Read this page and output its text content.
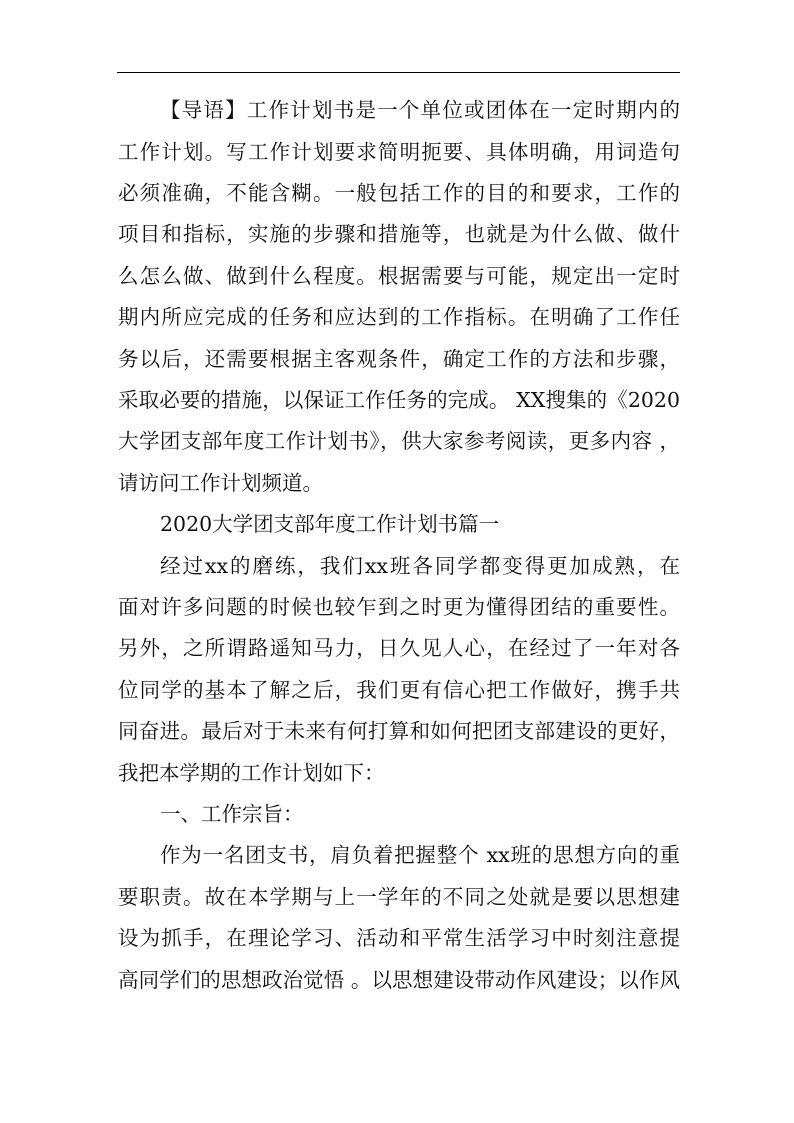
【导语】工作计划书是一个单位或团体在一定时期内的
工作计划。写工作计划要求简明扼要、具体明确，用词造句
必须准确，不能含糊。一般包括工作的目的和要求，工作的
项目和指标，实施的步骤和措施等，也就是为什么做、做什
么怎么做、做到什么程度。根据需要与可能，规定出一定时
期内所应完成的任务和应达到的工作指标。在明确了工作任
务以后，还需要根据主客观条件，确定工作的方法和步骤，
采取必要的措施，以保证工作任务的完成。 XX搜集的《2020
大学团支部年度工作计划书》，供大家参考阅读，更多内容 ，
请访问工作计划频道。
2020大学团支部年度工作计划书篇一
经过xx的磨练，我们xx班各同学都变得更加成熟，在
面对许多问题的时候也较乍到之时更为懂得团结的重要性。
另外，之所谓路遥知马力，日久见人心，在经过了一年对各
位同学的基本了解之后，我们更有信心把工作做好，携手共
同奋进。最后对于未来有何打算和如何把团支部建设的更好，
我把本学期的工作计划如下：
一、工作宗旨：
作为一名团支书，肩负着把握整个 xx班的思想方向的重
要职责。故在本学期与上一学年的不同之处就是要以思想建
设为抓手，在理论学习、活动和平常生活学习中时刻注意提
高同学们的思想政治觉悟 。以思想建设带动作风建设；以作风
